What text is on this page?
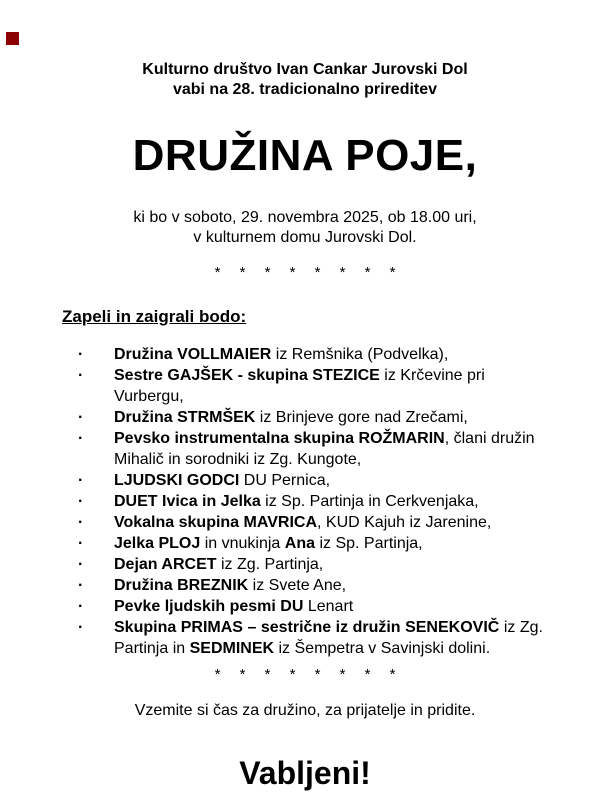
Kulturno društvo Ivan Cankar Jurovski Dol
vabi na 28. tradicionalno prireditev
DRUŽINA POJE,
ki bo v soboto, 29. novembra 2025, ob 18.00 uri,
v kulturnem domu Jurovski Dol.
* * * * * * * *
Zapeli in zaigrali bodo:
· Družina VOLLMAIER iz Remšnika (Podvelka),
· Sestre GAJŠEK - skupina STEZICE iz Krčevine pri Vurbergu,
· Družina STRMŠEK iz Brinjeve gore nad Zrečami,
· Pevsko instrumentalna skupina ROŽMARIN, člani družin Mihalič in sorodniki iz Zg. Kungote,
· LJUDSKI GODCI DU Pernica,
· DUET Ivica in Jelka iz Sp. Partinja in Cerkvenjaka,
· Vokalna skupina MAVRICA, KUD Kajuh iz Jarenine,
· Jelka PLOJ in vnukinja Ana iz Sp. Partinja,
· Dejan ARCET iz Zg. Partinja,
· Družina BREZNIK iz Svete Ane,
· Pevke ljudskih pesmi DU Lenart
· Skupina PRIMAS – sestrične iz družin SENEKOVIČ iz Zg. Partinja in SEDMINEK iz Šempetra v Savinjski dolini.
* * * * * * * *
Vzemite si čas za družino, za prijatelje in pridite.
Vabljeni!
